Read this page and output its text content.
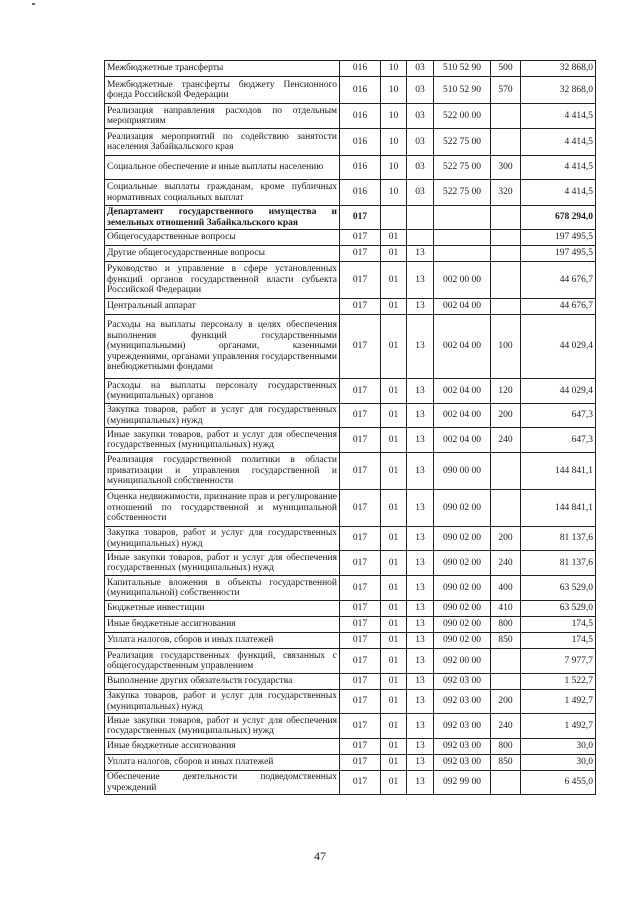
Межбюджетные трансферты	016	10	03	510 52 90	500	32 868,0
Межбюджетные трансферты бюджету Пенсионного фонда Российской Федерации	016	10	03	510 52 90	570	32 868,0
Реализация направления расходов по отдельным мероприятиям	016	10	03	522 00 00		4 414,5
Реализация мероприятий по содействию занятости населения Забайкальского края	016	10	03	522 75 00		4 414,5
Социальное обеспечение и иные выплаты населению	016	10	03	522 75 00	300	4 414,5
Социальные выплаты гражданам, кроме публичных нормативных социальных выплат	016	10	03	522 75 00	320	4 414,5
Департамент государственного имущества и земельных отношений Забайкальского края	017					678 294,0
Общегосударственные вопросы	017	01				197 495,5
Другие общегосударственные вопросы	017	01	13			197 495,5
Руководство и управление в сфере установленных функций органов государственной власти субъекта Российской Федерации	017	01	13	002 00 00		44 676,7
Центральный аппарат	017	01	13	002 04 00		44 676,7
Расходы на выплаты персоналу в целях обеспечения выполнения функций государственными (муниципальными) органами, казенными учреждениями, органами управления государственными внебюджетными фондами	017	01	13	002 04 00	100	44 029,4
Расходы на выплаты персоналу государственных (муниципальных) органов	017	01	13	002 04 00	120	44 029,4
Закупка товаров, работ и услуг для государственных (муниципальных) нужд	017	01	13	002 04 00	200	647,3
Иные закупки товаров, работ и услуг для обеспечения государственных (муниципальных) нужд	017	01	13	002 04 00	240	647,3
Реализация государственной политики в области приватизации и управления государственной и муниципальной собственности	017	01	13	090 00 00		144 841,1
Оценка недвижимости, признание прав и регулирование отношений по государственной и муниципальной собственности	017	01	13	090 02 00		144 841,1
Закупка товаров, работ и услуг для государственных (муниципальных) нужд	017	01	13	090 02 00	200	81 137,6
Иные закупки товаров, работ и услуг для обеспечения государственных (муниципальных) нужд	017	01	13	090 02 00	240	81 137,6
Капитальные вложения в объекты государственной (муниципальной) собственности	017	01	13	090 02 00	400	63 529,0
Бюджетные инвестиции	017	01	13	090 02 00	410	63 529,0
Иные бюджетные ассигнования	017	01	13	090 02 00	800	174,5
Уплата налогов, сборов и иных платежей	017	01	13	090 02 00	850	174,5
Реализация государственных функций, связанных с общегосударственным управлением	017	01	13	092 00 00		7 977,7
Выполнение других обязательств государства	017	01	13	092 03 00		1 522,7
Закупка товаров, работ и услуг для государственных (муниципальных) нужд	017	01	13	092 03 00	200	1 492,7
Иные закупки товаров, работ и услуг для обеспечения государственных (муниципальных) нужд	017	01	13	092 03 00	240	1 492,7
Иные бюджетные ассигнования	017	01	13	092 03 00	800	30,0
Уплата налогов, сборов и иных платежей	017	01	13	092 03 00	850	30,0
Обеспечение деятельности подведомственных учреждений	017	01	13	092 99 00		6 455,0
47
